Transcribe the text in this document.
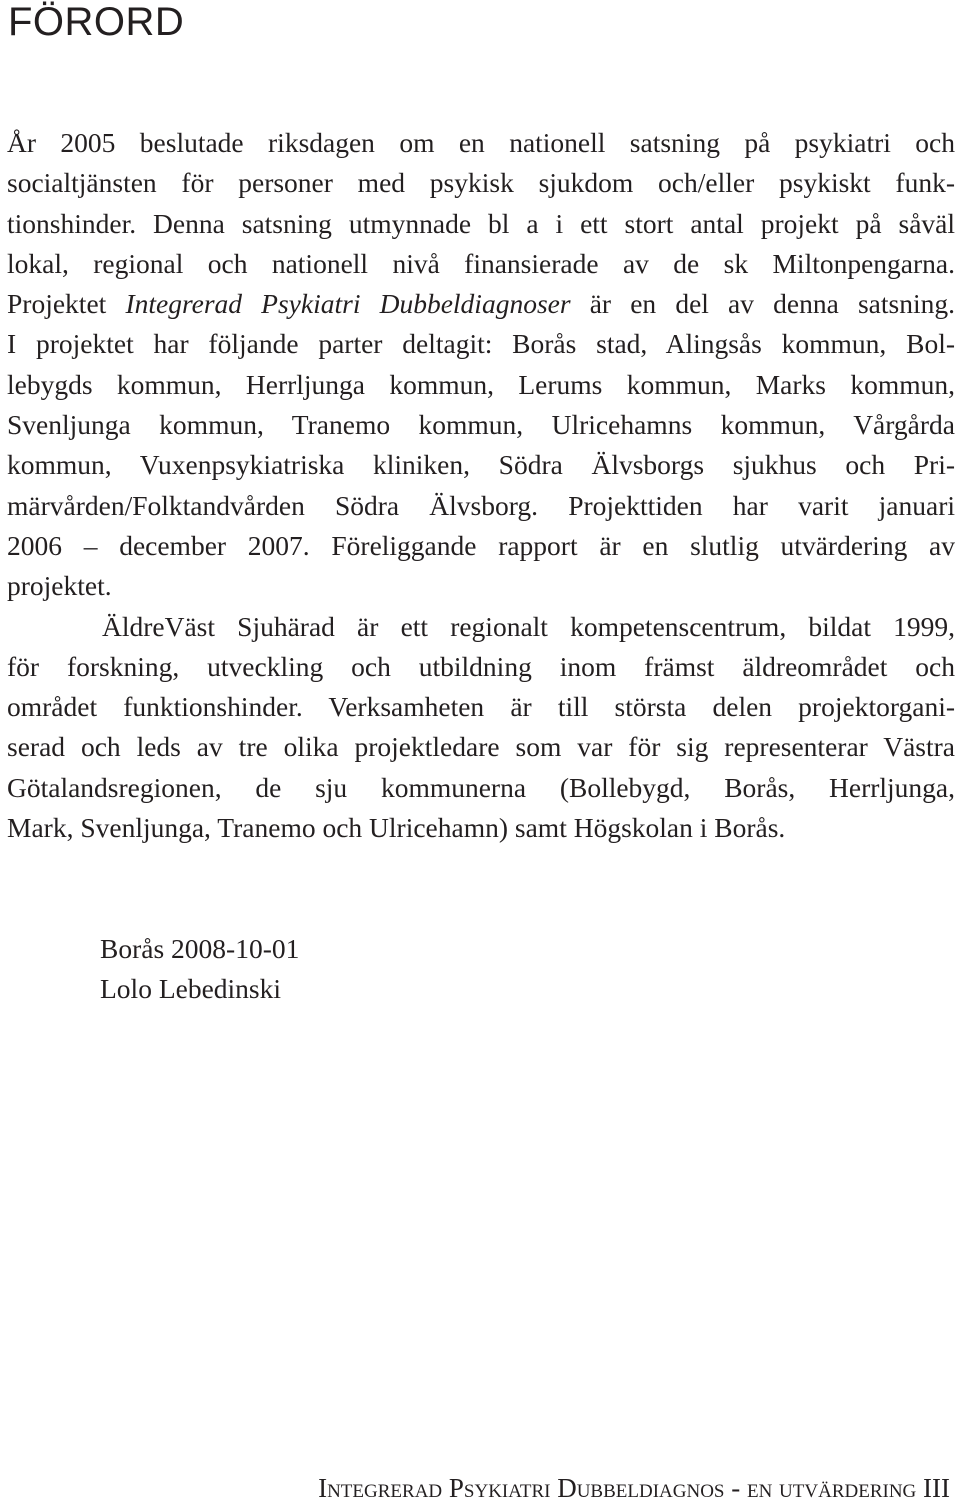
FÖRORD
År 2005 beslutade riksdagen om en nationell satsning på psykiatri och
socialtjänsten för personer med psykisk sjukdom och/eller psykiskt funk-
tionshinder. Denna satsning utmynnade bl a i ett stort antal projekt på såväl
lokal, regional och nationell nivå finansierade av de sk Miltonpengarna.
Projektet Integrerad Psykiatri Dubbeldiagnoser är en del av denna satsning.
I projektet har följande parter deltagit: Borås stad, Alingsås kommun, Bol-
lebygds kommun, Herrljunga kommun, Lerums kommun, Marks kommun,
Svenljunga kommun, Tranemo kommun, Ulricehamns kommun, Vårgårda
kommun, Vuxenpsykiatriska kliniken, Södra Älvsborgs sjukhus och Pri-
märvården/Folktandvården Södra Älvsborg. Projekttiden har varit januari
2006 – december 2007. Föreliggande rapport är en slutlig utvärdering av
projektet.
ÄldreVäst Sjuhärad är ett regionalt kompetenscentrum, bildat 1999,
för forskning, utveckling och utbildning inom främst äldreområdet och
området funktionshinder. Verksamheten är till största delen projektorgani-
serad och leds av tre olika projektledare som var för sig representerar Västra
Götalandsregionen, de sju kommunerna (Bollebygd, Borås, Herrljunga,
Mark, Svenljunga, Tranemo och Ulricehamn) samt Högskolan i Borås.
Borås 2008-10-01
Lolo Lebedinski
Integrerad Psykiatri Dubbeldiagnos - en utvärdering III
